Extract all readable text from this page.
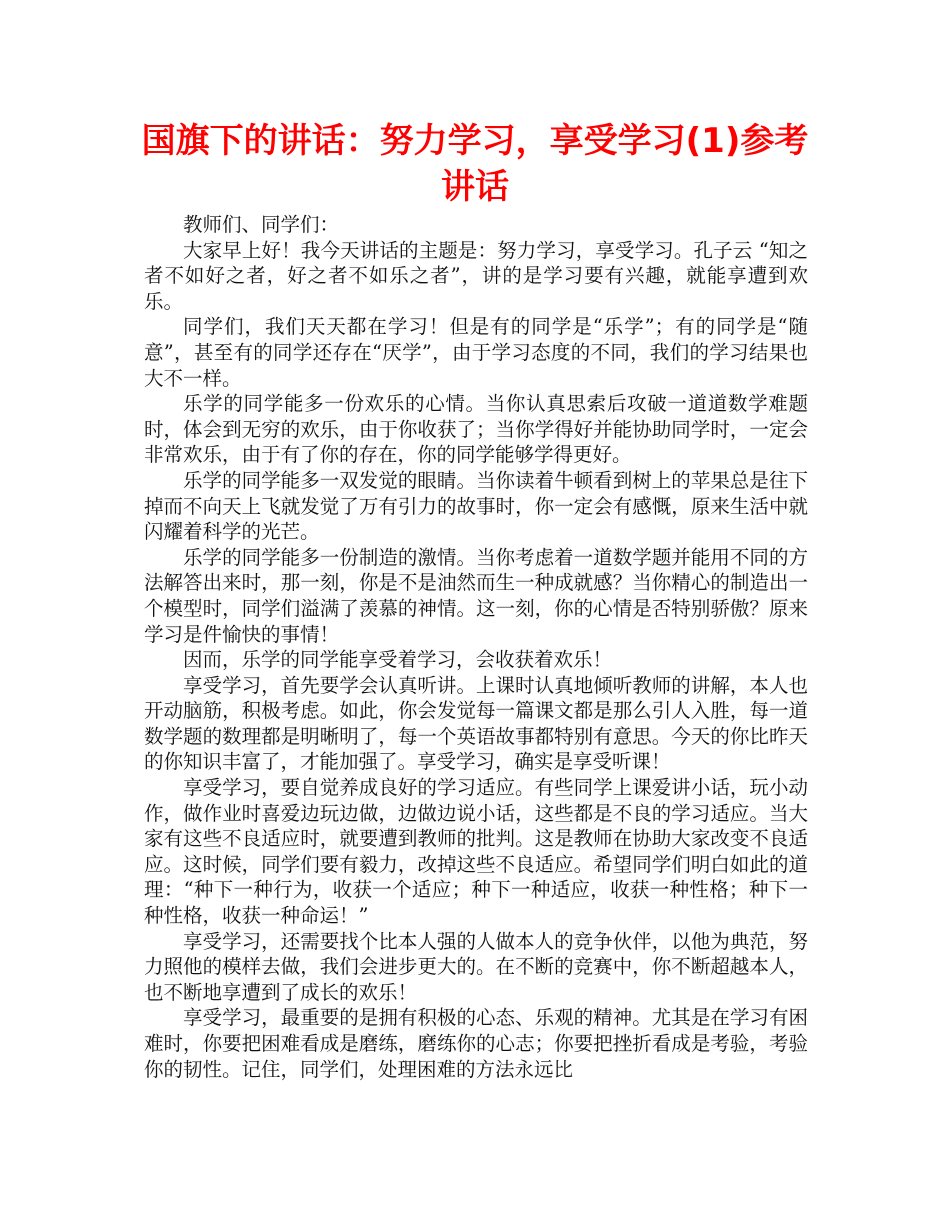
国旗下的讲话：努力学习，享受学习(1)参考讲话

教师们、同学们：

大家早上好！我今天讲话的主题是：努力学习，享受学习。孔子云 “知之者不如好之者，好之者不如乐之者”，讲的是学习要有兴趣，就能享遭到欢乐。

同学们，我们天天都在学习！但是有的同学是“乐学”；有的同学是“随意”，甚至有的同学还存在“厌学”，由于学习态度的不同，我们的学习结果也大不一样。

乐学的同学能多一份欢乐的心情。当你认真思索后攻破一道道数学难题时，体会到无穷的欢乐，由于你收获了；当你学得好并能协助同学时，一定会非常欢乐，由于有了你的存在，你的同学能够学得更好。

乐学的同学能多一双发觉的眼睛。当你读着牛顿看到树上的苹果总是往下掉而不向天上飞就发觉了万有引力的故事时，你一定会有感慨，原来生活中就闪耀着科学的光芒。

乐学的同学能多一份制造的激情。当你考虑着一道数学题并能用不同的方法解答出来时，那一刻，你是不是油然而生一种成就感？当你精心的制造出一个模型时，同学们溢满了羡慕的神情。这一刻，你的心情是否特别骄傲？原来学习是件愉快的事情！

因而，乐学的同学能享受着学习，会收获着欢乐！

享受学习，首先要学会认真听讲。上课时认真地倾听教师的讲解，本人也开动脑筋，积极考虑。如此，你会发觉每一篇课文都是那么引人入胜，每一道数学题的数理都是明晰明了，每一个英语故事都特别有意思。今天的你比昨天的你知识丰富了，才能加强了。享受学习，确实是享受听课！

享受学习，要自觉养成良好的学习适应。有些同学上课爱讲小话，玩小动作，做作业时喜爱边玩边做，边做边说小话，这些都是不良的学习适应。当大家有这些不良适应时，就要遭到教师的批判。这是教师在协助大家改变不良适应。这时候，同学们要有毅力，改掉这些不良适应。希望同学们明白如此的道理：“种下一种行为，收获一个适应；种下一种适应，收获一种性格；种下一种性格，收获一种命运！”

享受学习，还需要找个比本人强的人做本人的竞争伙伴，以他为典范，努力照他的模样去做，我们会进步更大的。在不断的竞赛中，你不断超越本人，也不断地享遭到了成长的欢乐！

享受学习，最重要的是拥有积极的心态、乐观的精神。尤其是在学习有困难时，你要把困难看成是磨练，磨练你的心志；你要把挫折看成是考验，考验你的韧性。记住，同学们，处理困难的方法永远比
